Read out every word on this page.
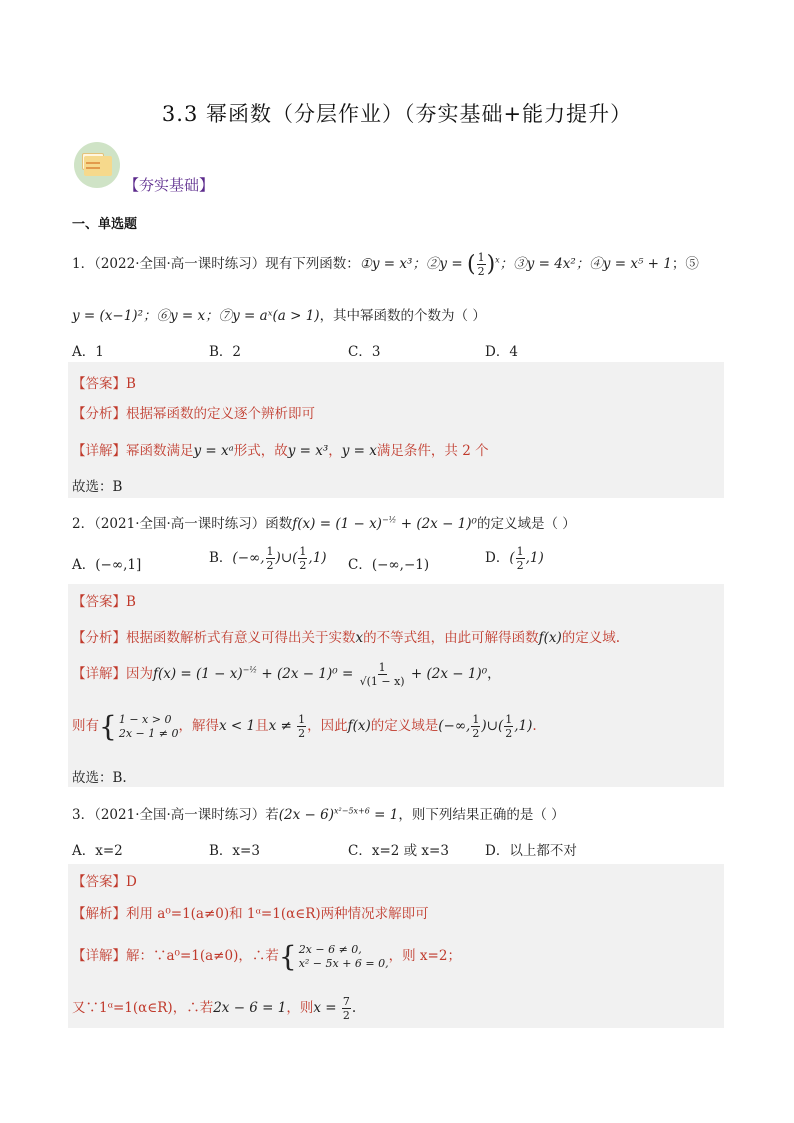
3.3 幂函数（分层作业）（夯实基础+能力提升）
【夯实基础】
一、单选题
1．（2022·全国·高一课时练习）现有下列函数：①y = x³；②y = ( $\frac{1}{2} )^x$；③y = 4x²；④y = x⁵ + 1；⑤
y = (x−1)²；⑥y = x；⑦y = aˣ(a > 1)，其中幂函数的个数为（ ）
A．1	B．2	C．3	D．4
【答案】B
【分析】根据幂函数的定义逐个辨析即可
【详解】幂函数满足y = xᵃ形式，故y = x³，y = x满足条件，共 2 个
故选：B
2．（2021·全国·高一课时练习）函数$f(x) = (1 - x)^{-\frac{1}{2}} + (2x - 1)^0$的定义域是（ ）
A．(−∞,1]	B．(−∞, $\frac{1}{2}$ )∪( $\frac{1}{2} ,1$) C．(−∞,−1)	D．( $\frac{1}{2} ,1$)
【答案】B
【分析】根据函数解析式有意义可得出关于实数x的不等式组，由此可解得函数f(x)的定义域.
【详解】因为$f(x) = (1 - x)^{-\frac{1}{2}} + (2x - 1)^0 = \frac{1}{√(1 - x)} + (2x - 1)^0$，
则有 { 1 − x > 0
2x − 1 ≠ 0 ，解得x < 1且$x \ne \frac{1}{2}$ ，因此f(x)的定义域是(−∞, $\frac{1}{2}$ )∪( $\frac{1}{2} ,1$).
故选：B.
3．（2021·全国·高一课时练习）若$(2x - 6)^{x^2-5x+6} = 1$，则下列结果正确的是（ ）
A．x=2	B．x=3	C．x=2 或 x=3	D．以上都不对
【答案】D
【解析】利用 a⁰=1(a≠0)和 1ᵅ=1(α∈R)两种情况求解即可
【详解】解：∵a⁰=1(a≠0)，∴若 { 2x − 6 ≠ 0,
x² − 5x + 6 = 0, ，则 x=2；
又∵1ᵅ=1(α∈R)，∴若2x − 6 = 1，则$x = \frac{7}{2}$ .
